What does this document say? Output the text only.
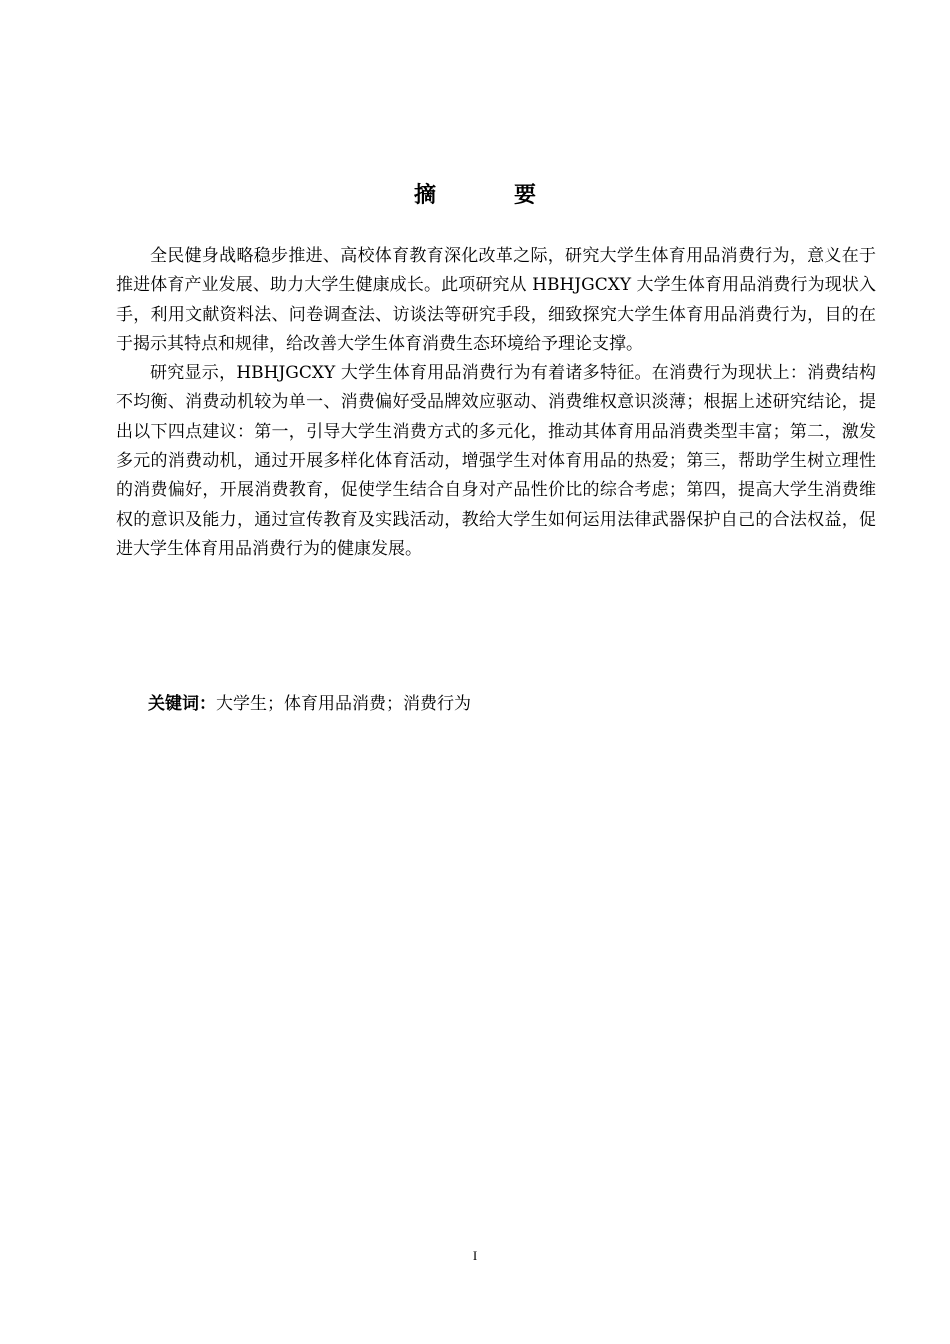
摘 要

全民健身战略稳步推进、高校体育教育深化改革之际，研究大学生体育用品消费行为，意义在于推进体育产业发展、助力大学生健康成长。此项研究从 HBHJGCXY 大学生体育用品消费行为现状入手，利用文献资料法、问卷调查法、访谈法等研究手段，细致探究大学生体育用品消费行为，目的在于揭示其特点和规律，给改善大学生体育消费生态环境给予理论支撑。

研究显示，HBHJGCXY 大学生体育用品消费行为有着诸多特征。在消费行为现状上：消费结构不均衡、消费动机较为单一、消费偏好受品牌效应驱动、消费维权意识淡薄；根据上述研究结论，提出以下四点建议：第一，引导大学生消费方式的多元化，推动其体育用品消费类型丰富；第二，激发多元的消费动机，通过开展多样化体育活动，增强学生对体育用品的热爱；第三，帮助学生树立理性的消费偏好，开展消费教育，促使学生结合自身对产品性价比的综合考虑；第四，提高大学生消费维权的意识及能力，通过宣传教育及实践活动，教给大学生如何运用法律武器保护自己的合法权益，促进大学生体育用品消费行为的健康发展。

关键词：大学生；体育用品消费；消费行为
I
